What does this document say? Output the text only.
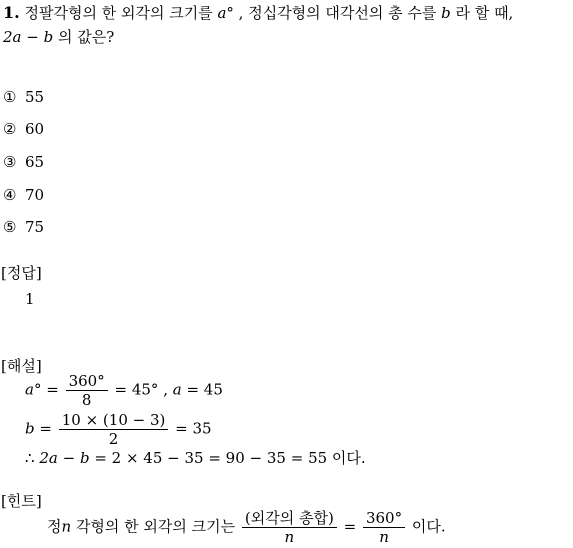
1. 정팔각형의 한 외각의 크기를 a° , 정십각형의 대각선의 총 수를 b 라 할 때,
2a − b 의 값은?
① 55
② 60
③ 65
④ 70
⑤ 75
[정답]
1
[해설]
$a^\circ = \frac{360^\circ}{8} = 45^\circ$ , a = 45
$b = \frac{10 \times (10 - 3)}{2} = 35$
∴ 2a − b = 2 × 45 − 35 = 90 − 35 = 55 이다.
[힌트]
정n 각형의 한 외각의 크기는 $\frac{\text{(외각의 총합)}}{n} = \frac{360^\circ}{n}$ 이다.
